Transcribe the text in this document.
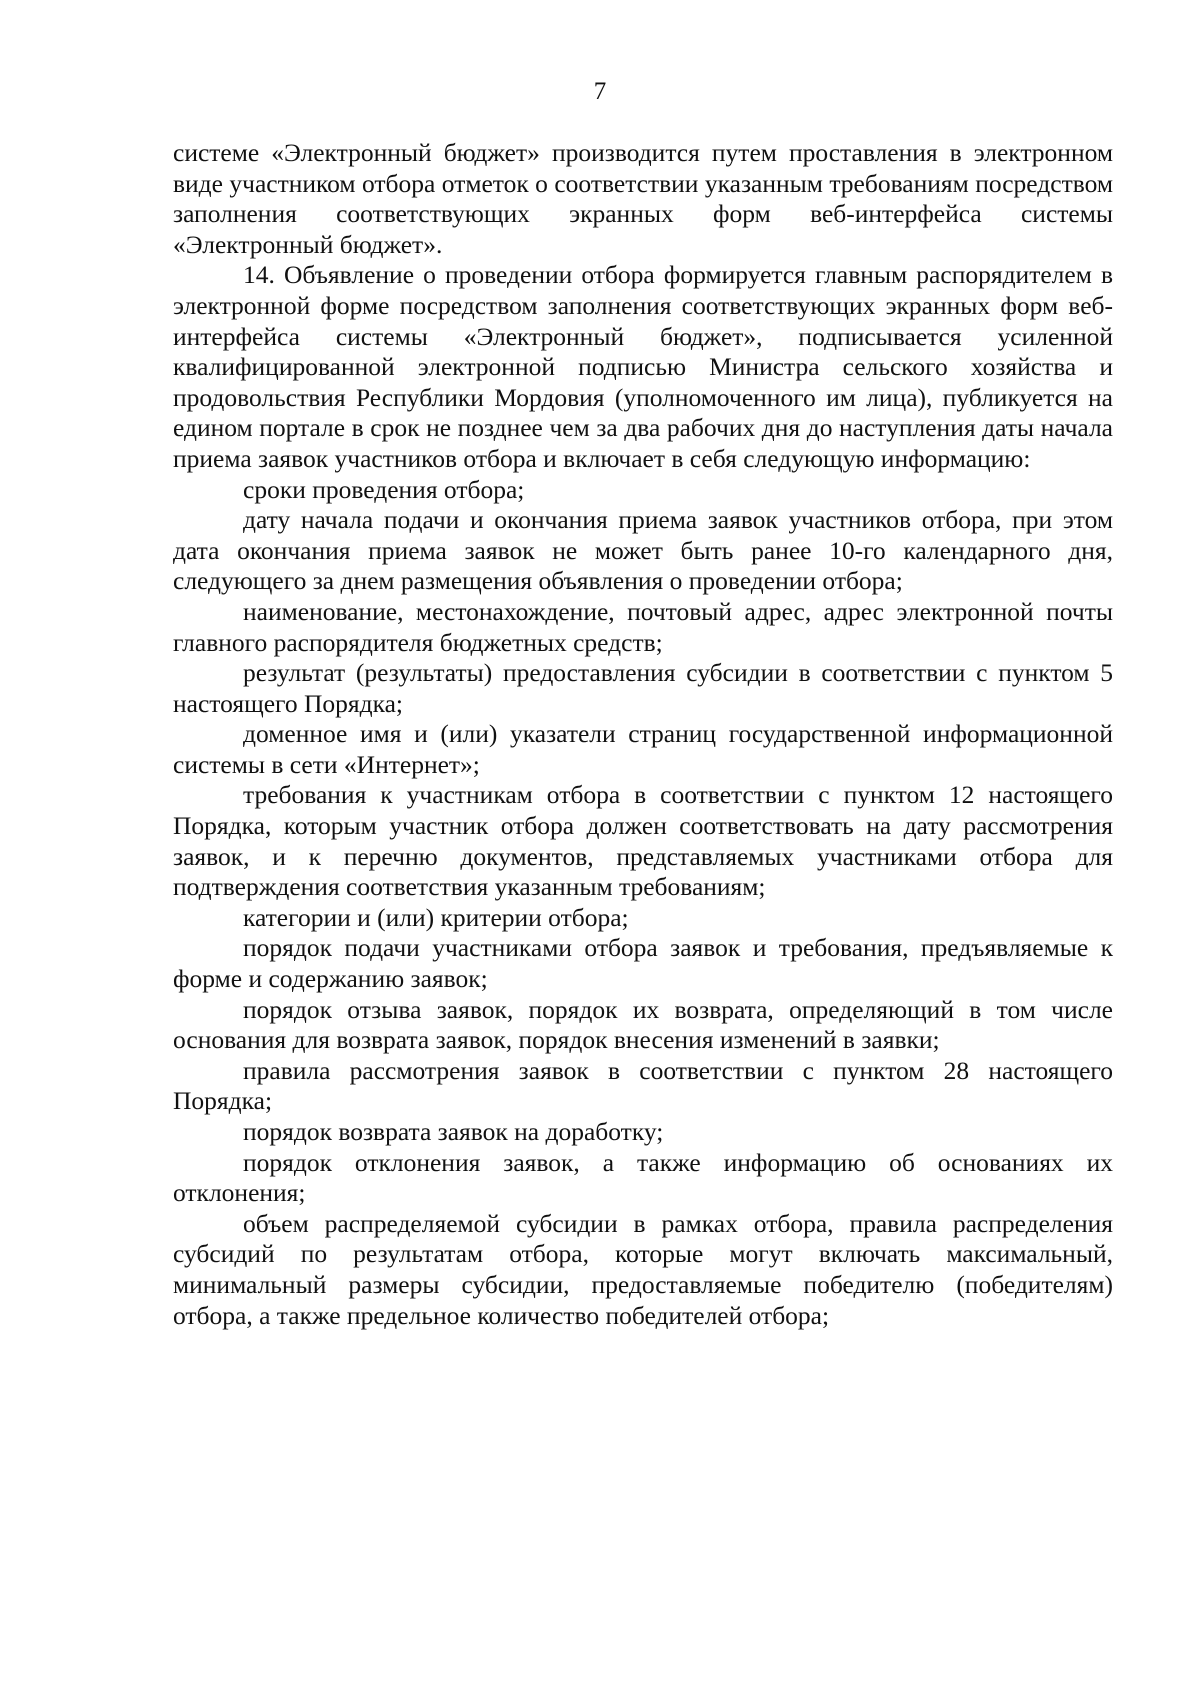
7

системе «Электронный бюджет» производится путем проставления в электронном виде участником отбора отметок о соответствии указанным требованиям посредством заполнения соответствующих экранных форм веб-интерфейса системы «Электронный бюджет».

14. Объявление о проведении отбора формируется главным распорядителем в электронной форме посредством заполнения соответствующих экранных форм веб-интерфейса системы «Электронный бюджет», подписывается усиленной квалифицированной электронной подписью Министра сельского хозяйства и продовольствия Республики Мордовия (уполномоченного им лица), публикуется на едином портале в срок не позднее чем за два рабочих дня до наступления даты начала приема заявок участников отбора и включает в себя следующую информацию:

сроки проведения отбора;

дату начала подачи и окончания приема заявок участников отбора, при этом дата окончания приема заявок не может быть ранее 10-го календарного дня, следующего за днем размещения объявления о проведении отбора;

наименование, местонахождение, почтовый адрес, адрес электронной почты главного распорядителя бюджетных средств;

результат (результаты) предоставления субсидии в соответствии с пунктом 5 настоящего Порядка;

доменное имя и (или) указатели страниц государственной информационной системы в сети «Интернет»;

требования к участникам отбора в соответствии с пунктом 12 настоящего Порядка, которым участник отбора должен соответствовать на дату рассмотрения заявок, и к перечню документов, представляемых участниками отбора для подтверждения соответствия указанным требованиям;

категории и (или) критерии отбора;

порядок подачи участниками отбора заявок и требования, предъявляемые к форме и содержанию заявок;

порядок отзыва заявок, порядок их возврата, определяющий в том числе основания для возврата заявок, порядок внесения изменений в заявки;

правила рассмотрения заявок в соответствии с пунктом 28 настоящего Порядка;

порядок возврата заявок на доработку;

порядок отклонения заявок, а также информацию об основаниях их отклонения;

объем распределяемой субсидии в рамках отбора, правила распределения субсидий по результатам отбора, которые могут включать максимальный, минимальный размеры субсидии, предоставляемые победителю (победителям) отбора, а также предельное количество победителей отбора;
